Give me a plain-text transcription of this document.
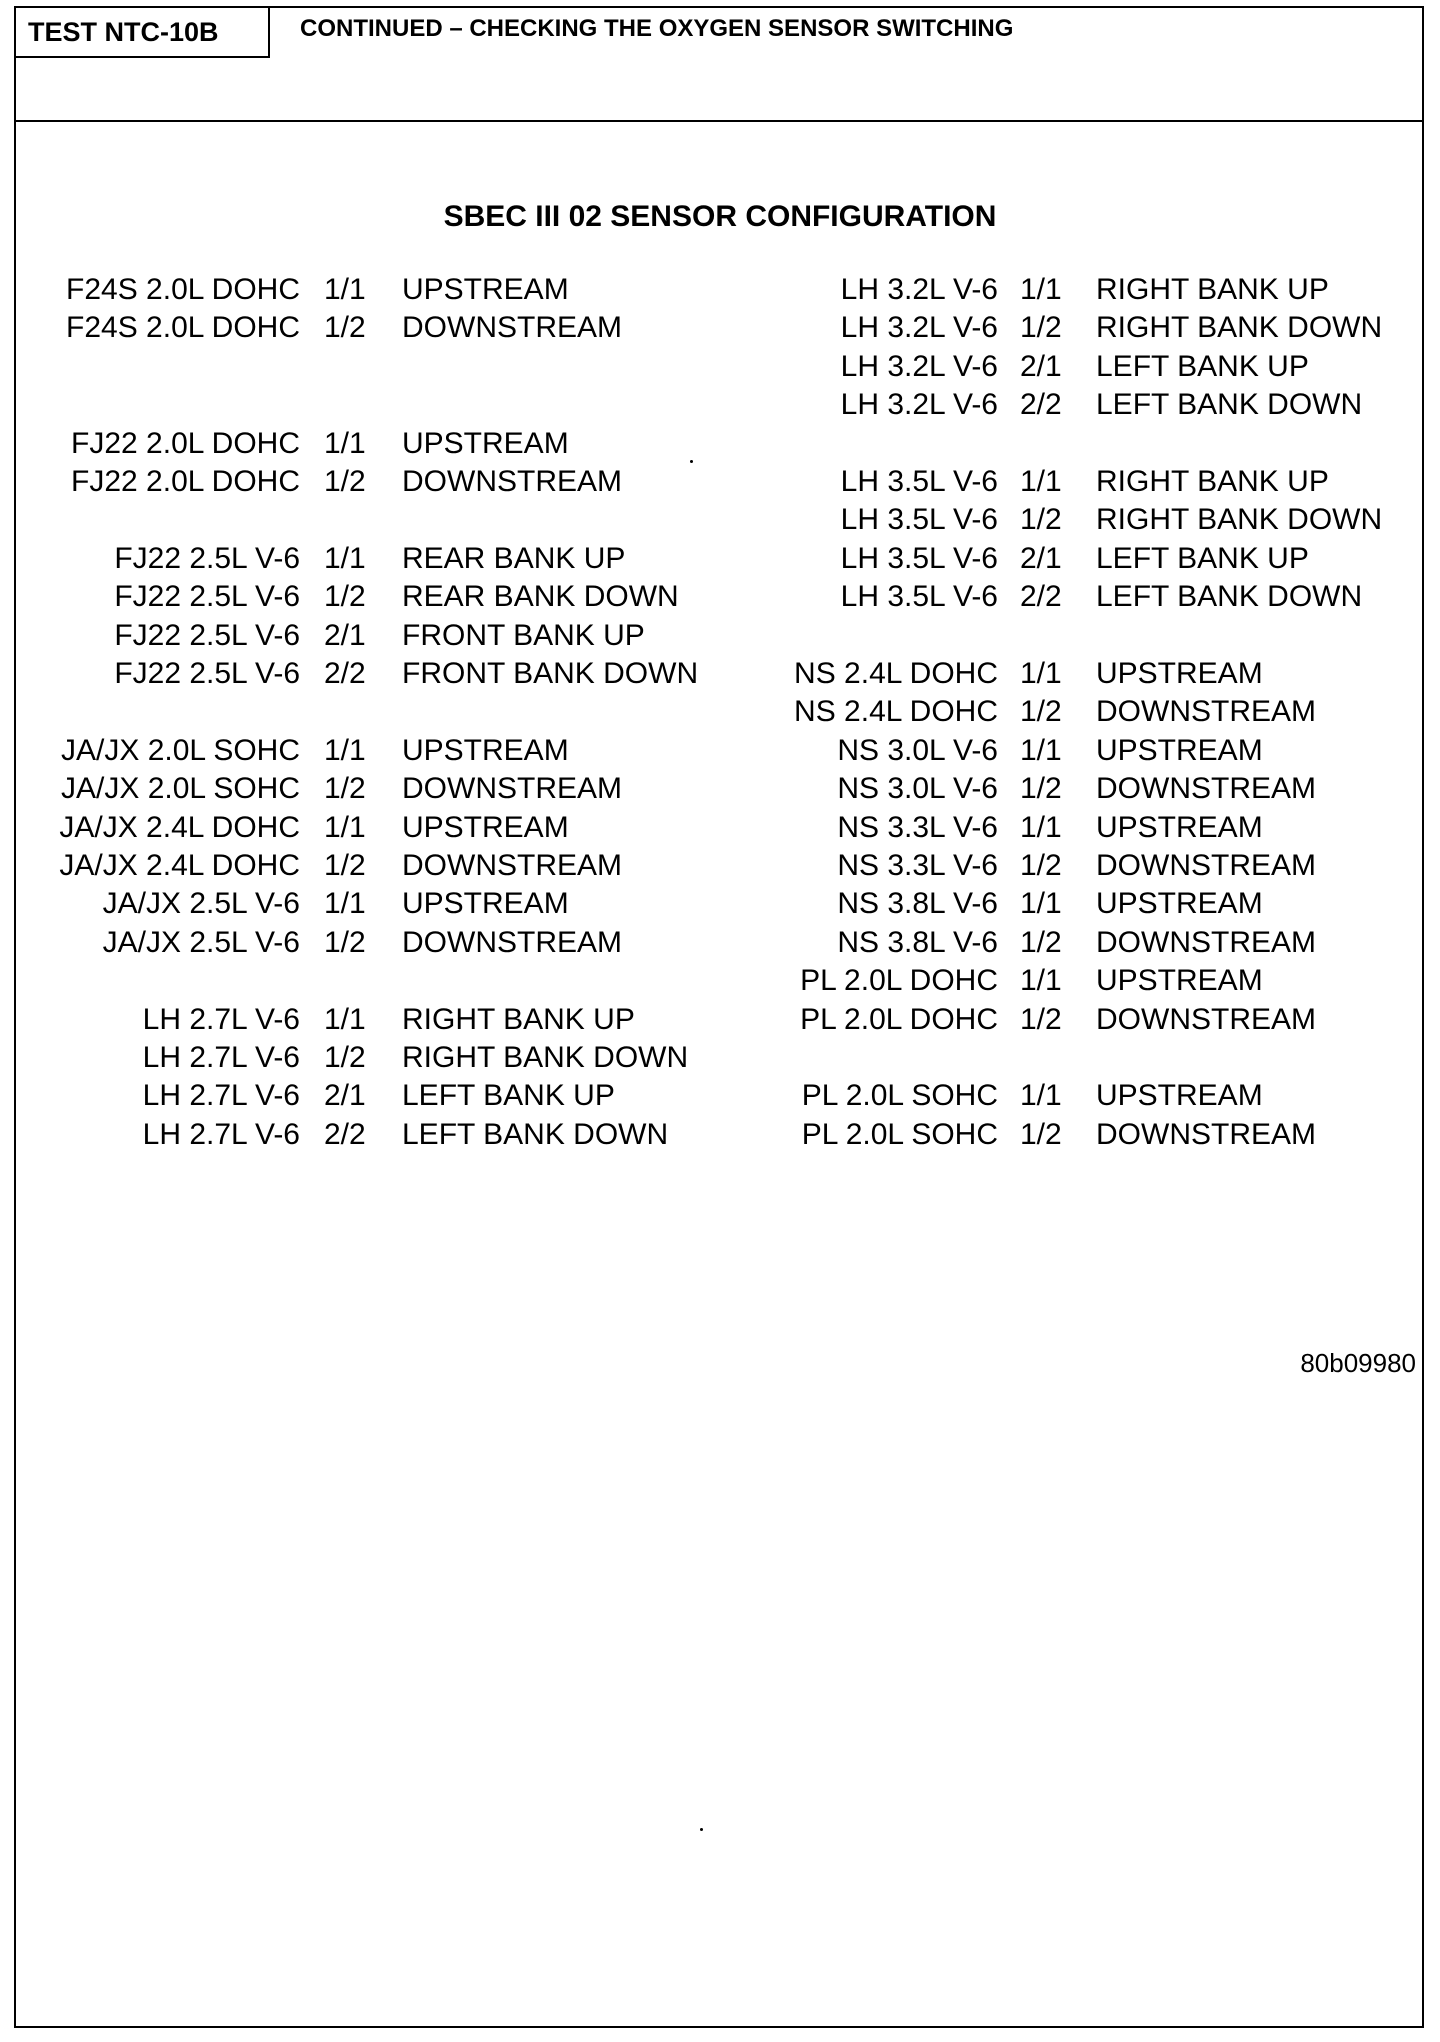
TEST NTC-10B	CONTINUED – CHECKING THE OXYGEN SENSOR SWITCHING
SBEC III 02 SENSOR CONFIGURATION
F24S 2.0L DOHC 1/1 UPSTREAM
F24S 2.0L DOHC 1/2 DOWNSTREAM
FJ22 2.0L DOHC 1/1 UPSTREAM
FJ22 2.0L DOHC 1/2 DOWNSTREAM
FJ22 2.5L V-6 1/1 REAR BANK UP
FJ22 2.5L V-6 1/2 REAR BANK DOWN
FJ22 2.5L V-6 2/1 FRONT BANK UP
FJ22 2.5L V-6 2/2 FRONT BANK DOWN
JA/JX 2.0L SOHC 1/1 UPSTREAM
JA/JX 2.0L SOHC 1/2 DOWNSTREAM
JA/JX 2.4L DOHC 1/1 UPSTREAM
JA/JX 2.4L DOHC 1/2 DOWNSTREAM
JA/JX 2.5L V-6 1/1 UPSTREAM
JA/JX 2.5L V-6 1/2 DOWNSTREAM
LH 2.7L V-6 1/1 RIGHT BANK UP
LH 2.7L V-6 1/2 RIGHT BANK DOWN
LH 2.7L V-6 2/1 LEFT BANK UP
LH 2.7L V-6 2/2 LEFT BANK DOWN
LH 3.2L V-6 1/1 RIGHT BANK UP
LH 3.2L V-6 1/2 RIGHT BANK DOWN
LH 3.2L V-6 2/1 LEFT BANK UP
LH 3.2L V-6 2/2 LEFT BANK DOWN
LH 3.5L V-6 1/1 RIGHT BANK UP
LH 3.5L V-6 1/2 RIGHT BANK DOWN
LH 3.5L V-6 2/1 LEFT BANK UP
LH 3.5L V-6 2/2 LEFT BANK DOWN
NS 2.4L DOHC 1/1 UPSTREAM
NS 2.4L DOHC 1/2 DOWNSTREAM
NS 3.0L V-6 1/1 UPSTREAM
NS 3.0L V-6 1/2 DOWNSTREAM
NS 3.3L V-6 1/1 UPSTREAM
NS 3.3L V-6 1/2 DOWNSTREAM
NS 3.8L V-6 1/1 UPSTREAM
NS 3.8L V-6 1/2 DOWNSTREAM
PL 2.0L DOHC 1/1 UPSTREAM
PL 2.0L DOHC 1/2 DOWNSTREAM
PL 2.0L SOHC 1/1 UPSTREAM
PL 2.0L SOHC 1/2 DOWNSTREAM
80b09980
